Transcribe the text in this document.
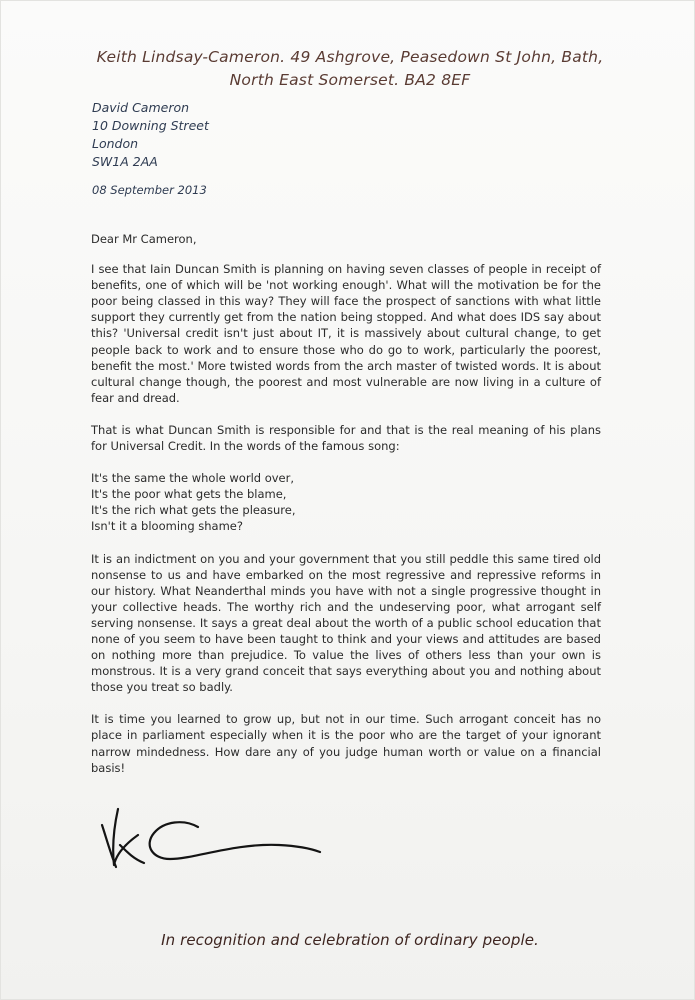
Keith Lindsay-Cameron. 49 Ashgrove, Peasedown St John, Bath,
North East Somerset. BA2 8EF
David Cameron
10 Downing Street
London
SW1A 2AA
08 September 2013

Dear Mr Cameron,

I see that Iain Duncan Smith is planning on having seven classes of people in receipt of benefits, one of which will be 'not working enough'. What will the motivation be for the poor being classed in this way? They will face the prospect of sanctions with what little support they currently get from the nation being stopped. And what does IDS say about this? 'Universal credit isn't just about IT, it is massively about cultural change, to get people back to work and to ensure those who do go to work, particularly the poorest, benefit the most.' More twisted words from the arch master of twisted words. It is about cultural change though, the poorest and most vulnerable are now living in a culture of fear and dread.

That is what Duncan Smith is responsible for and that is the real meaning of his plans for Universal Credit. In the words of the famous song:

It's the same the whole world over,
It's the poor what gets the blame,
It's the rich what gets the pleasure,
Isn't it a blooming shame?

It is an indictment on you and your government that you still peddle this same tired old nonsense to us and have embarked on the most regressive and repressive reforms in our history. What Neanderthal minds you have with not a single progressive thought in your collective heads. The worthy rich and the undeserving poor, what arrogant self serving nonsense. It says a great deal about the worth of a public school education that none of you seem to have been taught to think and your views and attitudes are based on nothing more than prejudice. To value the lives of others less than your own is monstrous. It is a very grand conceit that says everything about you and nothing about those you treat so badly.

It is time you learned to grow up, but not in our time. Such arrogant conceit has no place in parliament especially when it is the poor who are the target of your ignorant narrow mindedness. How dare any of you judge human worth or value on a financial basis!

In recognition and celebration of ordinary people.
